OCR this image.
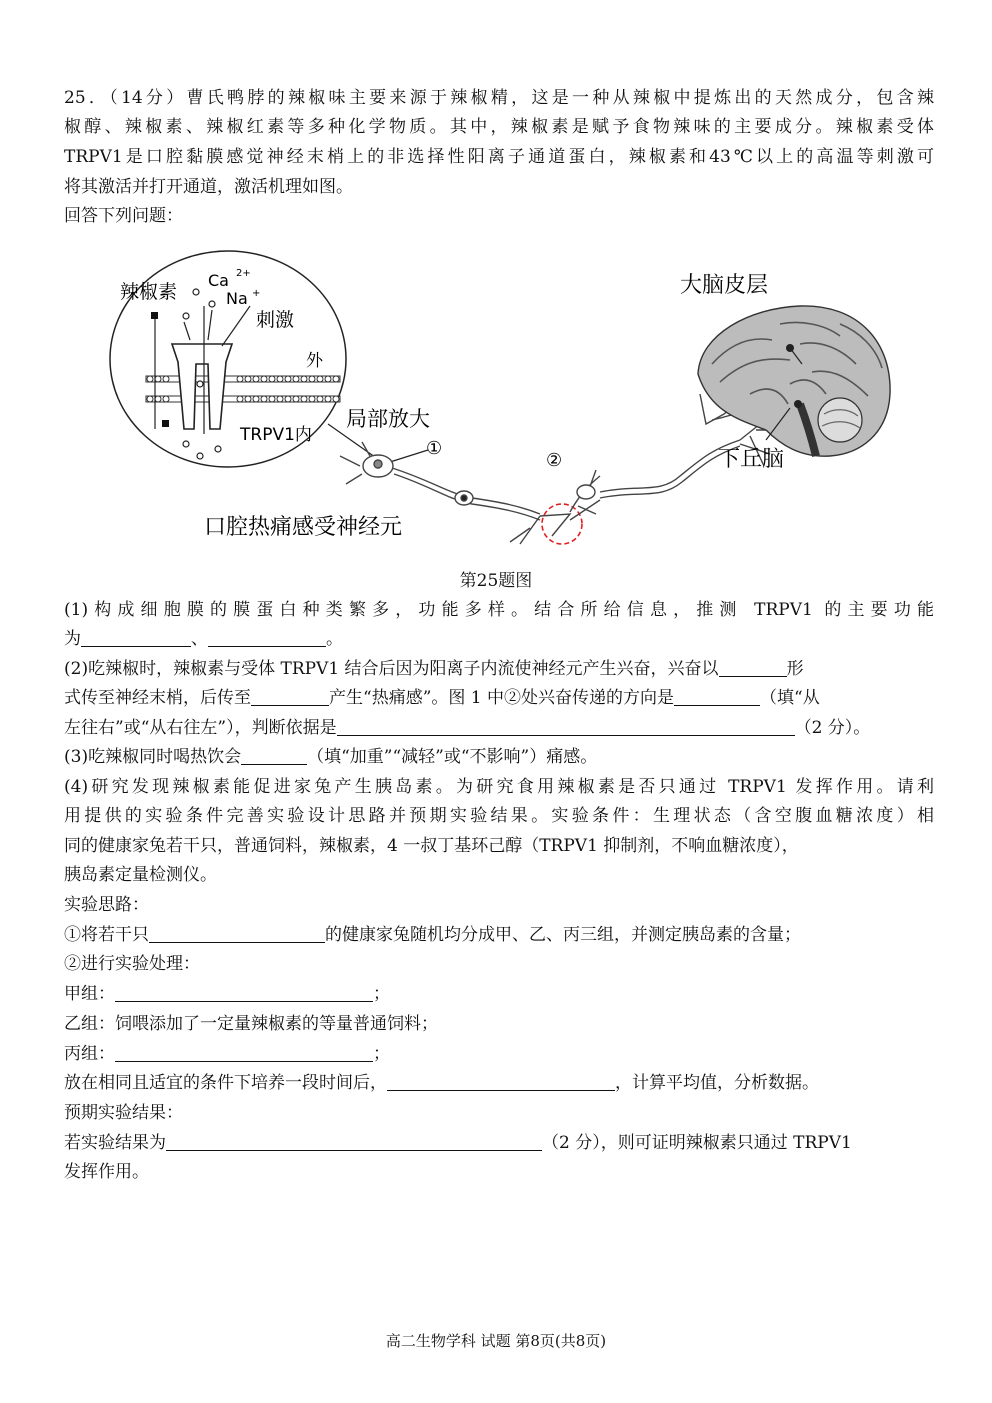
25．（14分）曹氏鸭脖的辣椒味主要来源于辣椒精，这是一种从辣椒中提炼出的天然成分，包含辣
椒醇、辣椒素、辣椒红素等多种化学物质。其中，辣椒素是赋予食物辣味的主要成分。辣椒素受体
TRPV1是口腔黏膜感觉神经末梢上的非选择性阳离子通道蛋白，辣椒素和43℃以上的高温等刺激可
将其激活并打开通道，激活机理如图。
回答下列问题：
辣椒素
Ca 2+
Na +
刺激
外
TRPV1内
局部放大
①
②
大脑皮层
下丘脑
口腔热痛感受神经元
第25题图
(1)构成细胞膜的膜蛋白种类繁多，功能多样。结合所给信息，推测 TRPV1 的主要功能
为	、	。
(2)吃辣椒时，辣椒素与受体 TRPV1 结合后因为阳离子内流使神经元产生兴奋，兴奋以	形
式传至神经末梢，后传至	产生“热痛感”。图 1 中②处兴奋传递的方向是	（填“从
左往右”或“从右往左”），判断依据是	（2 分）。
(3)吃辣椒同时喝热饮会	（填“加重”“减轻”或“不影响”）痛感。
(4)研究发现辣椒素能促进家兔产生胰岛素。为研究食用辣椒素是否只通过 TRPV1 发挥作用。请利
用提供的实验条件完善实验设计思路并预期实验结果。实验条件：生理状态（含空腹血糖浓度）相
同的健康家兔若干只，普通饲料，辣椒素，4 一叔丁基环己醇（TRPV1 抑制剂，不响血糖浓度），
胰岛素定量检测仪。
实验思路：
①将若干只	的健康家兔随机均分成甲、乙、丙三组，并测定胰岛素的含量；
②进行实验处理：
甲组：	；
乙组：饲喂添加了一定量辣椒素的等量普通饲料；
丙组：	；
放在相同且适宜的条件下培养一段时间后，	，计算平均值，分析数据。
预期实验结果：
若实验结果为	（2 分），则可证明辣椒素只通过 TRPV1
发挥作用。
高二生物学科 试题 第8页(共8页)
